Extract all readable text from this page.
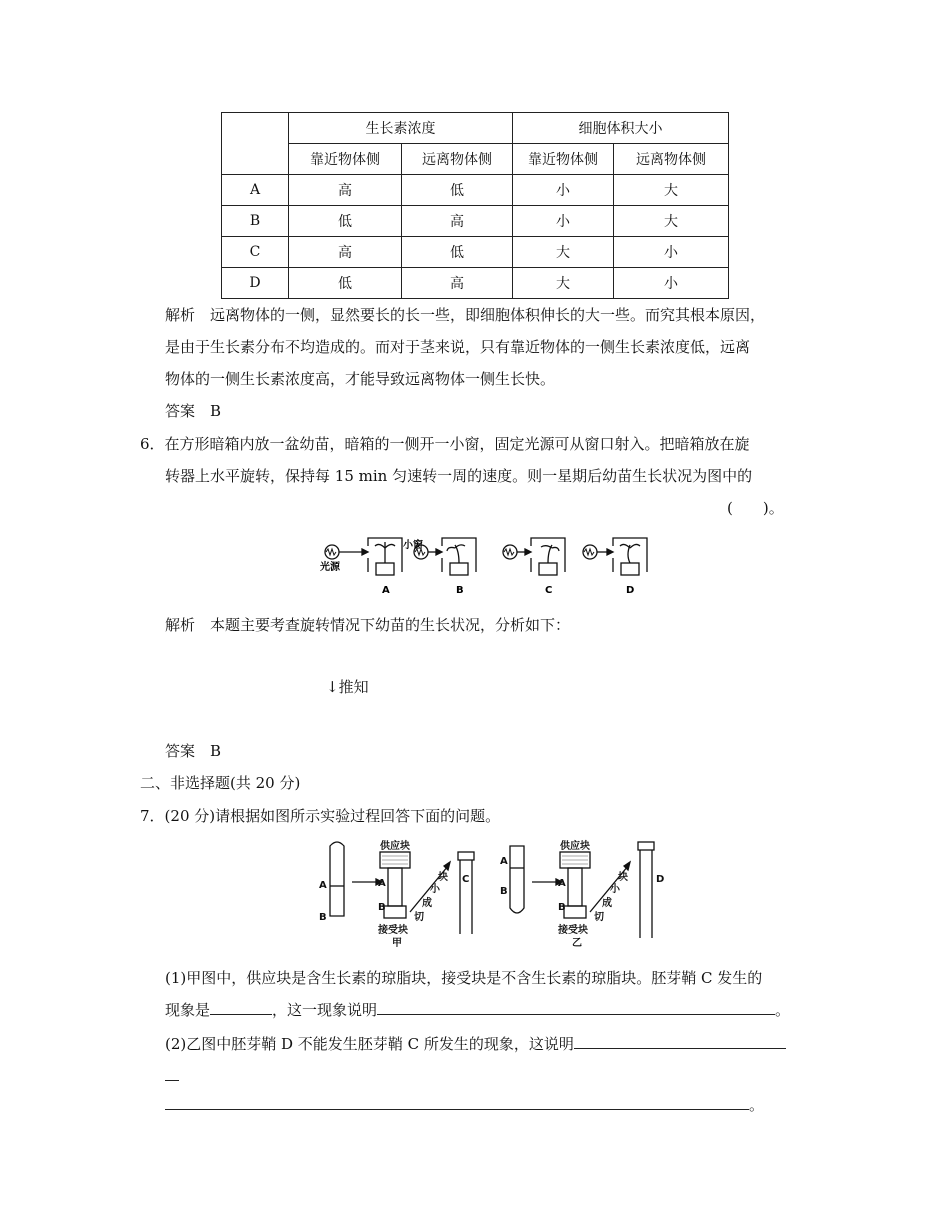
	生长素浓度		细胞体积大小	
	靠近物体侧	远离物体侧	靠近物体侧	远离物体侧
A	高	低	小	大
B	低	高	小	大
C	高	低	大	小
D	低	高	大	小
解析　远离物体的一侧，显然要长的长一些，即细胞体积伸长的大一些。而究其根本原因，
是由于生长素分布不均造成的。而对于茎来说，只有靠近物体的一侧生长素浓度低，远离
物体的一侧生长素浓度高，才能导致远离物体一侧生长快。
答案　B
6．在方形暗箱内放一盆幼苗，暗箱的一侧开一小窗，固定光源可从窗口射入。把暗箱放在旋
转器上水平旋转，保持每 15 min 匀速转一周的速度。则一星期后幼苗生长状况为图中的
(　　)。
光源
小窗
A	B	C	D
解析　本题主要考查旋转情况下幼苗的生长状况，分析如下：
↓推知
答案　B
二、非选择题(共 20 分)
7．(20 分)请根据如图所示实验过程回答下面的问题。
A
B
供应块
A
B
接受块
甲
切
成
小
块 C
A
B
供应块
A
B
接受块
乙
切
成
小
块	D
(1)甲图中，供应块是含生长素的琼脂块，接受块是不含生长素的琼脂块。胚芽鞘 C 发生的
现象是	，这一现象说明	。
(2)乙图中胚芽鞘 D 不能发生胚芽鞘 C 所发生的现象，这说明
。
